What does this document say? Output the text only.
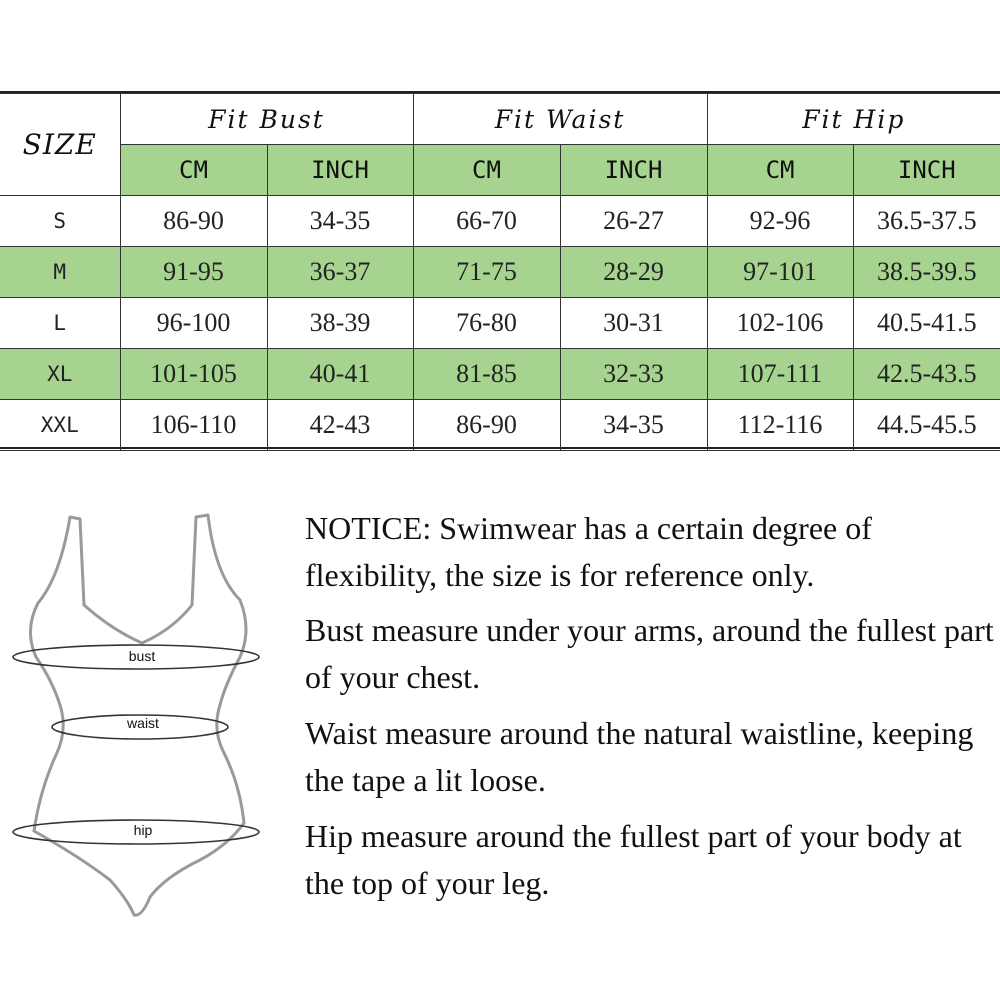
SIZE	Fit Bust		Fit Waist		Fit Hip	
	CM	INCH	CM	INCH	CM	INCH
S	86-90	34-35	66-70	26-27	92-96	36.5-37.5
M	91-95	36-37	71-75	28-29	97-101	38.5-39.5
L	96-100	38-39	76-80	30-31	102-106	40.5-41.5
XL	101-105	40-41	81-85	32-33	107-111	42.5-43.5
XXL	106-110	42-43	86-90	34-35	112-116	44.5-45.5
bust
waist
hip

NOTICE: Swimwear has a certain degree of flexibility, the size is for reference only.

Bust measure under your arms, around the fullest part of your chest.

Waist measure around the natural waistline, keeping the tape a lit loose.

Hip measure around the fullest part of your body at the top of your leg.
